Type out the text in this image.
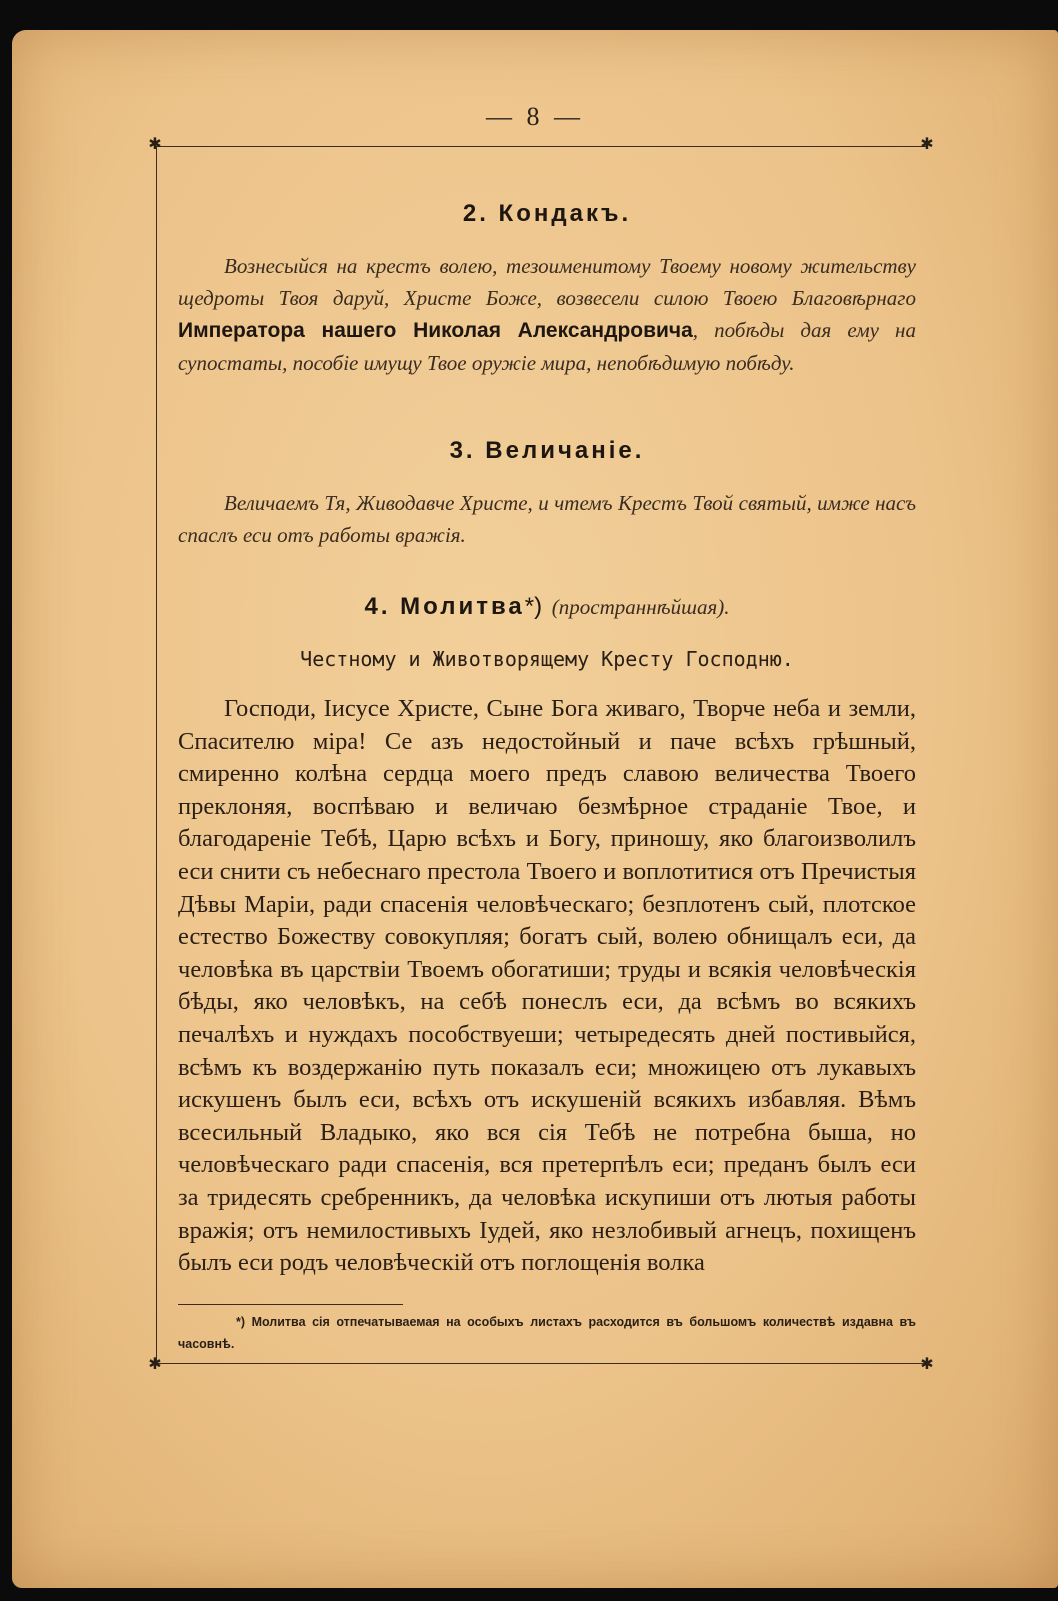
— 8 —
✱	✱
✱	✱
2. Кондакъ.

Вознесыйся на крестъ волею, тезоименитому Твоему новому жительству щедроты Твоя даруй, Христе Боже, возвесели силою Твоею Благовѣрнаго Императора нашего Николая Александровича, побѣды дая ему на супостаты, пособіе имущу Твое оружіе мира, непобѣдимую побѣду.

3. Величаніе.

Величаемъ Тя, Живодавче Христе, и чтемъ Крестъ Твой святый, имже насъ спаслъ еси отъ работы вражія.

4. Молитва*) (пространнѣйшая).
Честному и Животворящему Кресту Господню.

Господи, Іисусе Христе, Сыне Бога живаго, Творче неба и земли, Спасителю міра! Се азъ недостойный и паче всѣхъ грѣшный, смиренно колѣна сердца моего предъ славою величества Твоего преклоняя, воспѣваю и величаю безмѣрное страданіе Твое, и благодареніе Тебѣ, Царю всѣхъ и Богу, приношу, яко благоизволилъ еси снити съ небеснаго престола Твоего и воплотитися отъ Пречистыя Дѣвы Маріи, ради спасенія человѣческаго; безплотенъ сый, плотское естество Божеству совокупляя; богатъ сый, волею обнищалъ еси, да человѣка въ царствіи Твоемъ обогатиши; труды и всякія человѣческія бѣды, яко человѣкъ, на себѣ понеслъ еси, да всѣмъ во всякихъ печалѣхъ и нуждахъ пособствуеши; четыредесять дней постивыйся, всѣмъ къ воздержанію путь показалъ еси; множицею отъ лукавыхъ искушенъ былъ еси, всѣхъ отъ искушеній всякихъ избавляя. Вѣмъ всесильный Владыко, яко вся сія Тебѣ не потребна быша, но человѣческаго ради спасенія, вся претерпѣлъ еси; преданъ былъ еси за тридесять сребренникъ, да человѣка искупиши отъ лютыя работы вражія; отъ немилостивыхъ Іудей, яко незлобивый агнецъ, похищенъ былъ еси родъ человѣческій отъ поглощенія волка

*) Молитва сія отпечатываемая на особыхъ листахъ расходится въ большомъ количествѣ издавна въ часовнѣ.
